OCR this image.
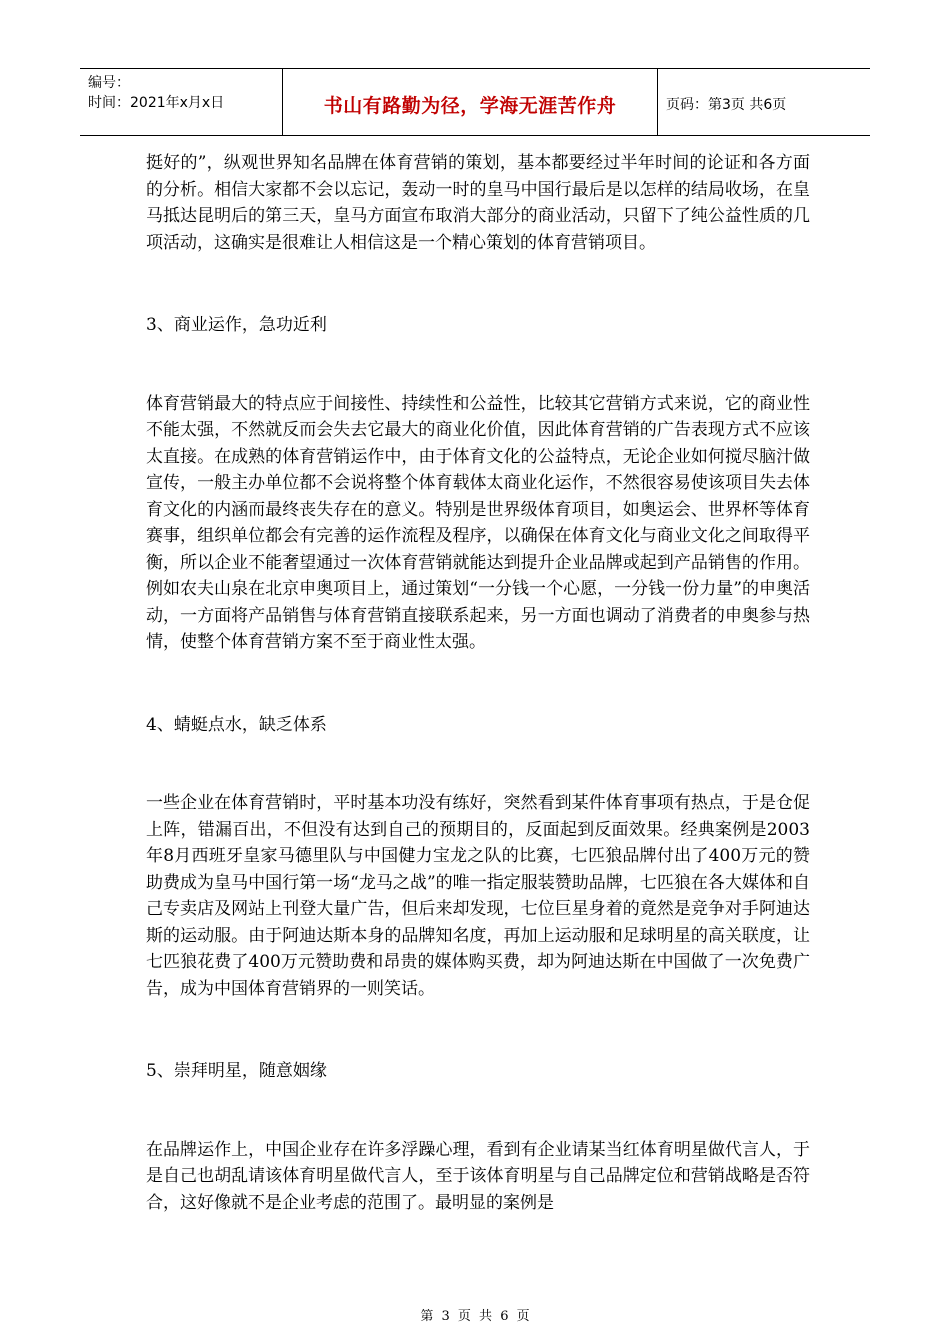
编号：
时间：2021年x月x日	书山有路勤为径，学海无涯苦作舟	页码：第3页 共6页

挺好的”，纵观世界知名品牌在体育营销的策划，基本都要经过半年时间的论证和各方面的分析。相信大家都不会以忘记，轰动一时的皇马中国行最后是以怎样的结局收场，在皇马抵达昆明后的第三天，皇马方面宣布取消大部分的商业活动，只留下了纯公益性质的几项活动，这确实是很难让人相信这是一个精心策划的体育营销项目。

3、商业运作，急功近利

体育营销最大的特点应于间接性、持续性和公益性，比较其它营销方式来说，它的商业性不能太强，不然就反而会失去它最大的商业化价值，因此体育营销的广告表现方式不应该太直接。在成熟的体育营销运作中，由于体育文化的公益特点，无论企业如何搅尽脑汁做宣传，一般主办单位都不会说将整个体育载体太商业化运作，不然很容易使该项目失去体育文化的内涵而最终丧失存在的意义。特别是世界级体育项目，如奥运会、世界杯等体育赛事，组织单位都会有完善的运作流程及程序，以确保在体育文化与商业文化之间取得平衡，所以企业不能奢望通过一次体育营销就能达到提升企业品牌或起到产品销售的作用。例如农夫山泉在北京申奥项目上，通过策划“一分钱一个心愿，一分钱一份力量”的申奥活动，一方面将产品销售与体育营销直接联系起来，另一方面也调动了消费者的申奥参与热情，使整个体育营销方案不至于商业性太强。

4、蜻蜓点水，缺乏体系

一些企业在体育营销时，平时基本功没有练好，突然看到某件体育事项有热点，于是仓促上阵，错漏百出，不但没有达到自己的预期目的，反面起到反面效果。经典案例是2003年8月西班牙皇家马德里队与中国健力宝龙之队的比赛，七匹狼品牌付出了400万元的赞助费成为皇马中国行第一场“龙马之战”的唯一指定服装赞助品牌，七匹狼在各大媒体和自己专卖店及网站上刊登大量广告，但后来却发现，七位巨星身着的竟然是竞争对手阿迪达斯的运动服。由于阿迪达斯本身的品牌知名度，再加上运动服和足球明星的高关联度，让七匹狼花费了400万元赞助费和昂贵的媒体购买费，却为阿迪达斯在中国做了一次免费广告，成为中国体育营销界的一则笑话。

5、崇拜明星，随意姻缘

在品牌运作上，中国企业存在许多浮躁心理，看到有企业请某当红体育明星做代言人，于是自己也胡乱请该体育明星做代言人，至于该体育明星与自己品牌定位和营销战略是否符合，这好像就不是企业考虑的范围了。最明显的案例是

第 3 页 共 6 页
